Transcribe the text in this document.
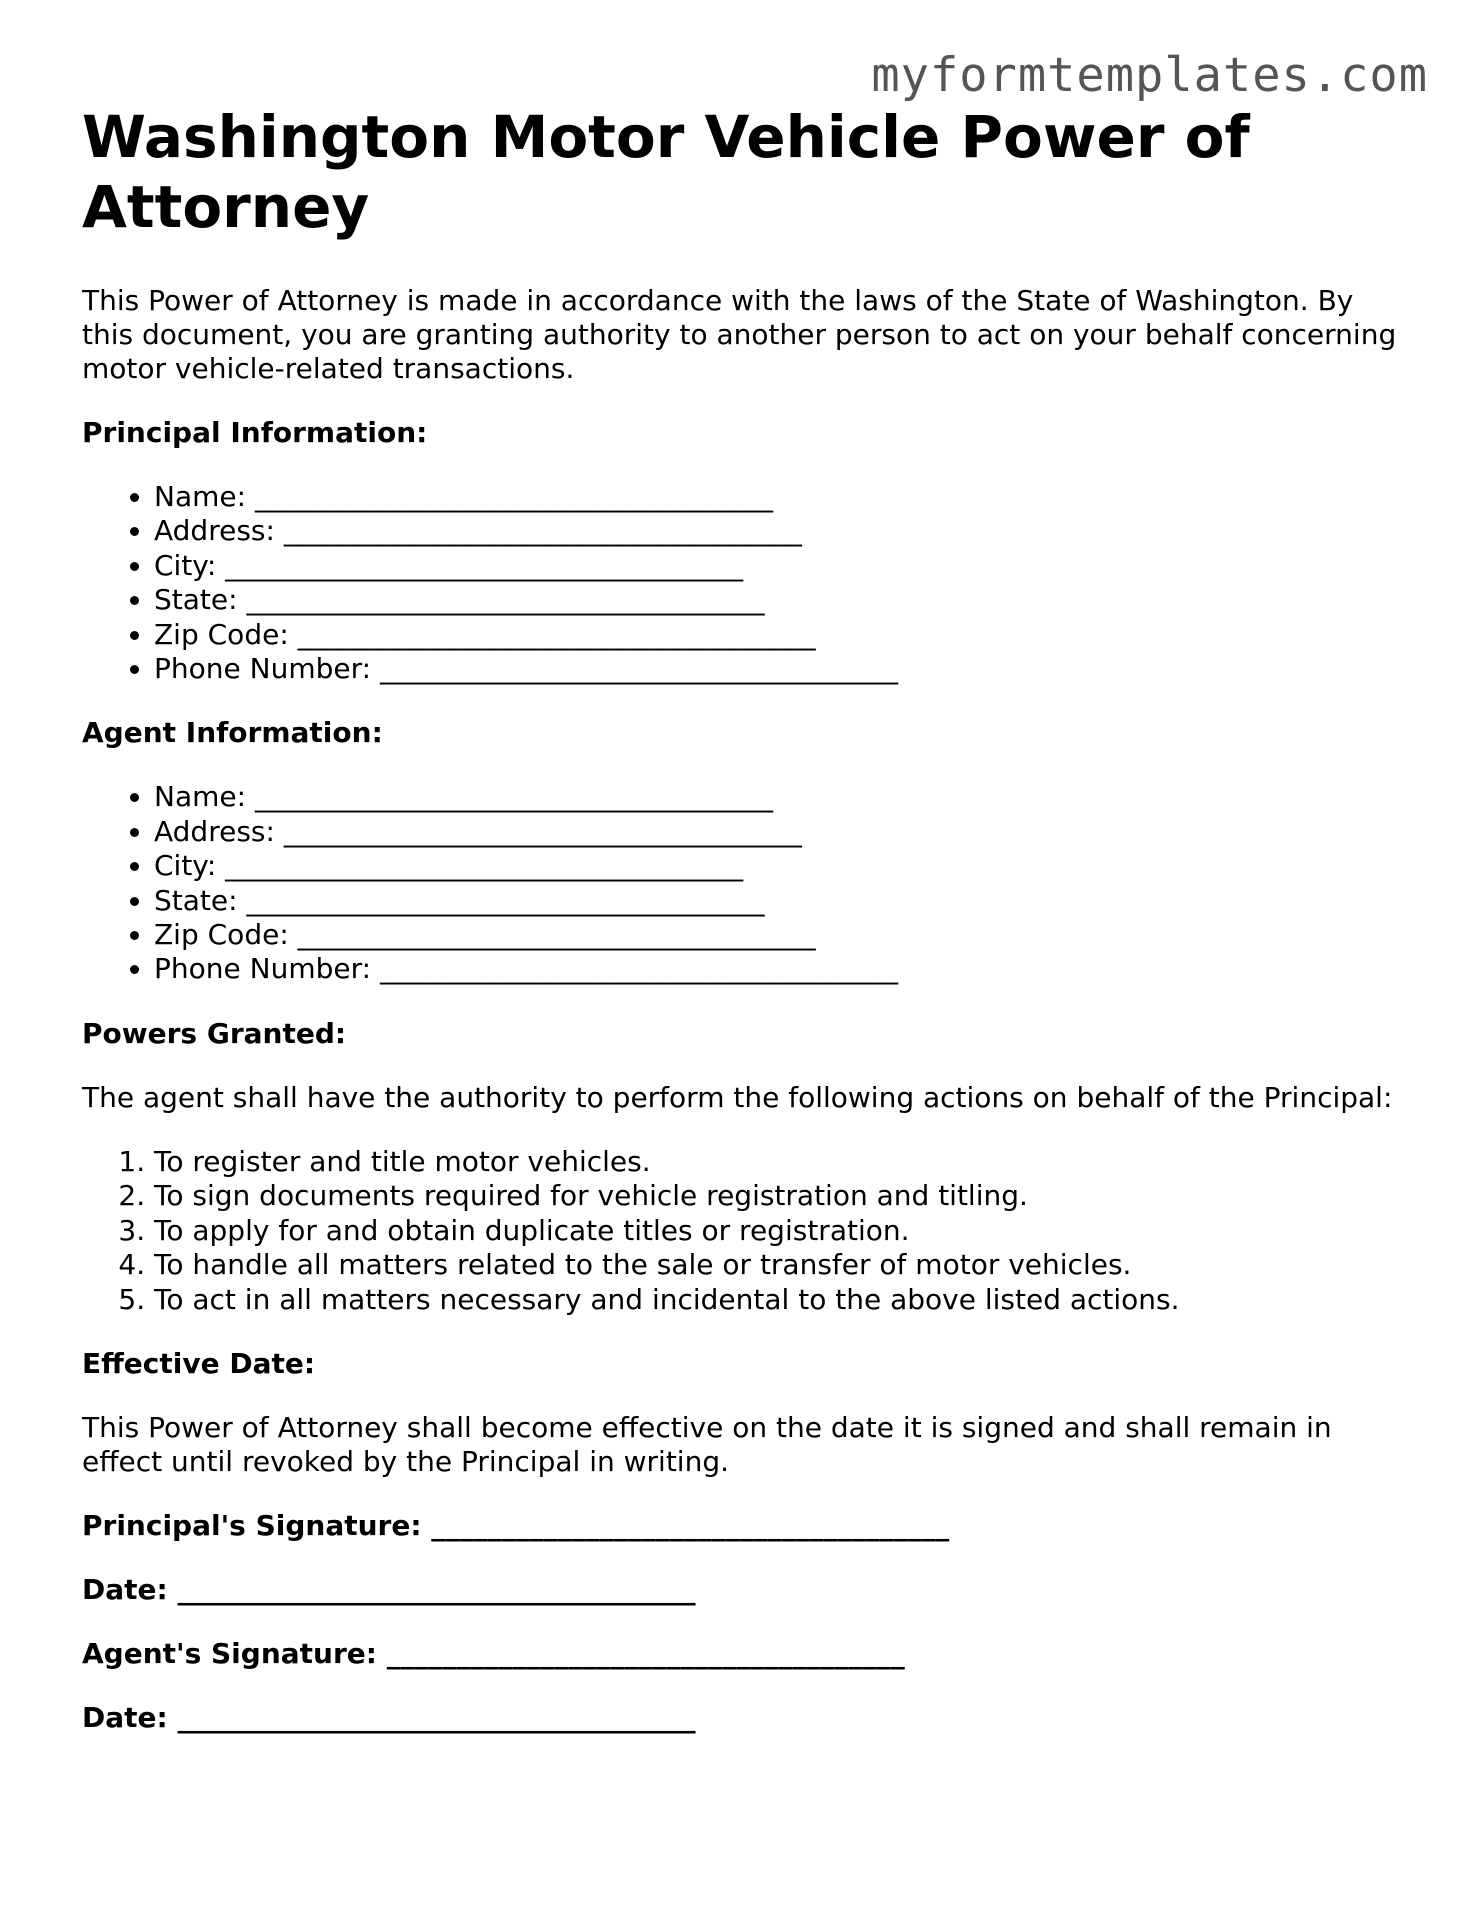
myformtemplates.com
Washington Motor Vehicle Power of Attorney

This Power of Attorney is made in accordance with the laws of the State of Washington. By this document, you are granting authority to another person to act on your behalf concerning motor vehicle-related transactions.

Principal Information:
• Name: _____________________________________
• Address: _____________________________________
• City: _____________________________________
• State: _____________________________________
• Zip Code: _____________________________________
• Phone Number: _____________________________________
Agent Information:
• Name: _____________________________________
• Address: _____________________________________
• City: _____________________________________
• State: _____________________________________
• Zip Code: _____________________________________
• Phone Number: _____________________________________
Powers Granted:

The agent shall have the authority to perform the following actions on behalf of the Principal:

1. To register and title motor vehicles.
2. To sign documents required for vehicle registration and titling.
3. To apply for and obtain duplicate titles or registration.
4. To handle all matters related to the sale or transfer of motor vehicles.
5. To act in all matters necessary and incidental to the above listed actions.
Effective Date:

This Power of Attorney shall become effective on the date it is signed and shall remain in effect until revoked by the Principal in writing.

Principal's Signature: _____________________________________
Date: _____________________________________
Agent's Signature: _____________________________________
Date: _____________________________________
